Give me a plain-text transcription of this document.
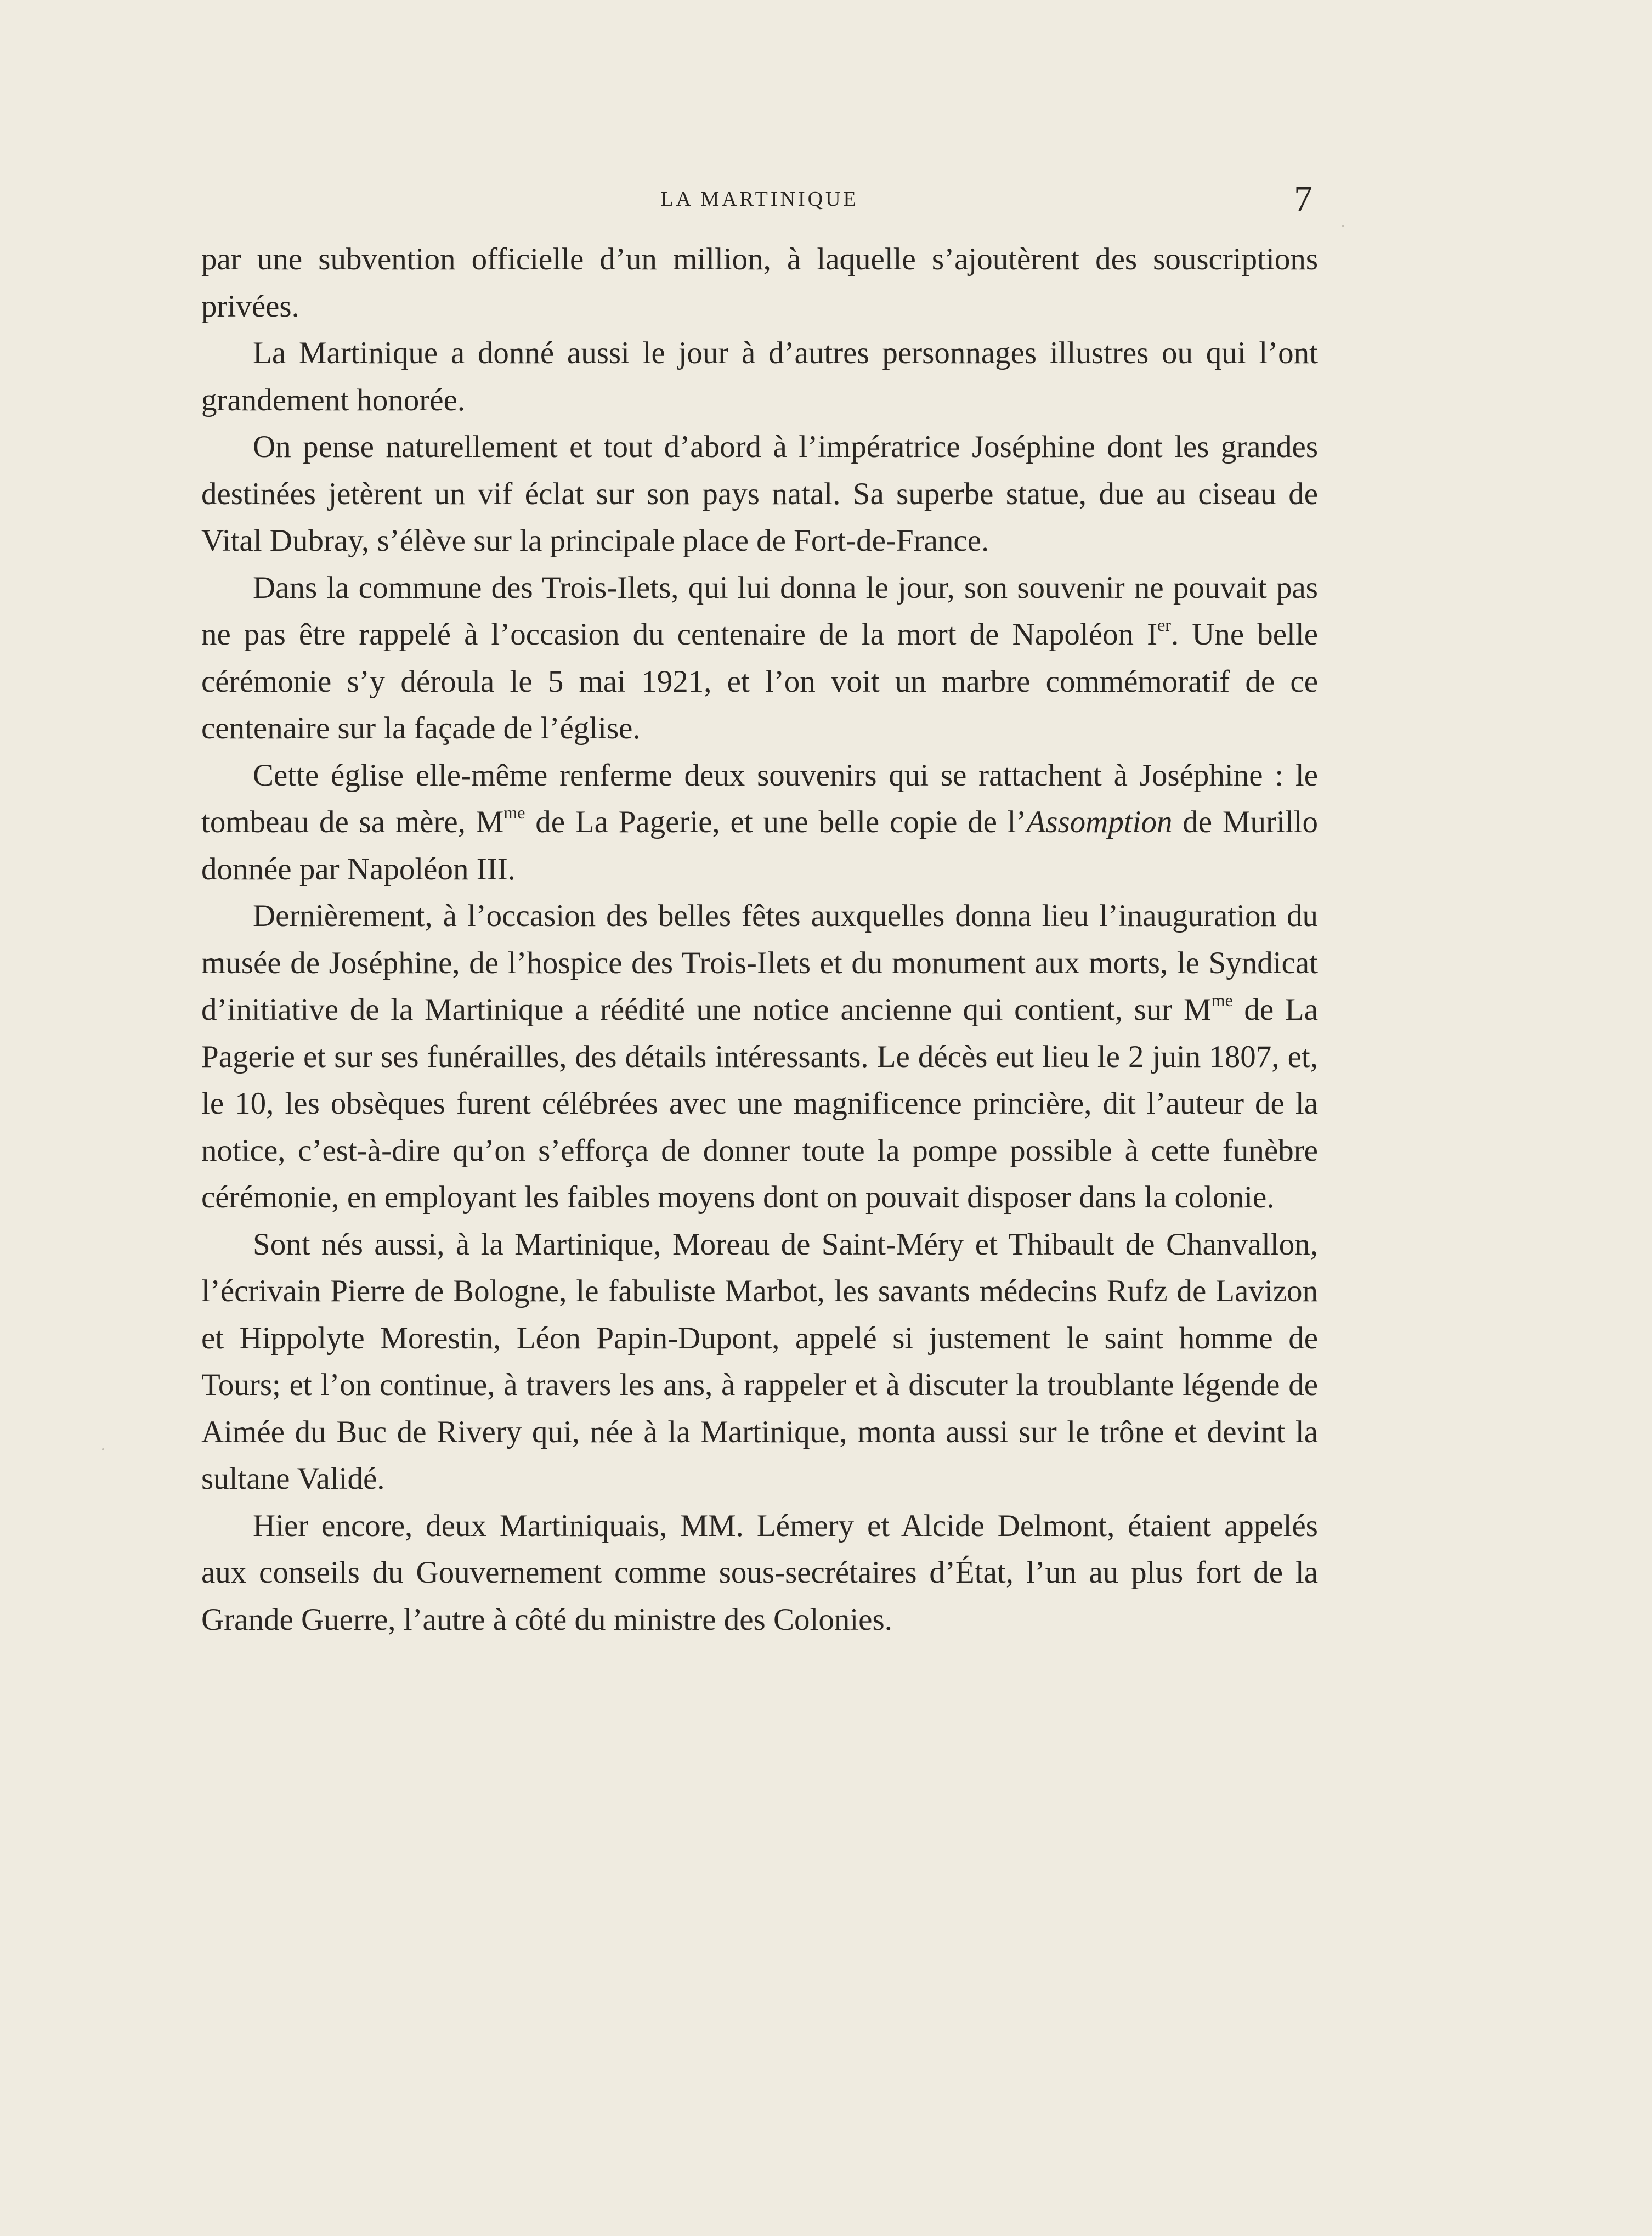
LA MARTINIQUE	7

par une subvention officielle d’un million, à laquelle s’ajoutèrent des souscriptions privées.

La Martinique a donné aussi le jour à d’autres personnages illustres ou qui l’ont grandement honorée.

On pense naturellement et tout d’abord à l’impératrice Joséphine dont les grandes destinées jetèrent un vif éclat sur son pays natal. Sa superbe statue, due au ciseau de Vital Dubray, s’élève sur la principale place de Fort-de-France.

Dans la commune des Trois-Ilets, qui lui donna le jour, son souvenir ne pouvait pas ne pas être rappelé à l’occasion du centenaire de la mort de Napoléon Ier. Une belle cérémonie s’y déroula le 5 mai 1921, et l’on voit un marbre commémoratif de ce centenaire sur la façade de l’église.

Cette église elle-même renferme deux souvenirs qui se rattachent à Joséphine : le tombeau de sa mère, $M^{me}$ de La Pagerie, et une belle copie de l’Assomption de Murillo donnée par Napoléon III.

Dernièrement, à l’occasion des belles fêtes auxquelles donna lieu l’inauguration du musée de Joséphine, de l’hospice des Trois-Ilets et du monument aux morts, le Syndicat d’initiative de la Martinique a réédité une notice ancienne qui contient, sur $M^{me}$ de La Pagerie et sur ses funérailles, des détails intéressants. Le décès eut lieu le 2 juin 1807, et, le 10, les obsèques furent célébrées avec une magnificence princière, dit l’auteur de la notice, c’est-à-dire qu’on s’efforça de donner toute la pompe possible à cette funèbre cérémonie, en employant les faibles moyens dont on pouvait disposer dans la colonie.

Sont nés aussi, à la Martinique, Moreau de Saint-Méry et Thibault de Chanvallon, l’écrivain Pierre de Bologne, le fabuliste Marbot, les savants médecins Rufz de Lavizon et Hippolyte Morestin, Léon Papin-Dupont, appelé si justement le saint homme de Tours; et l’on continue, à travers les ans, à rappeler et à discuter la troublante légende de Aimée du Buc de Rivery qui, née à la Martinique, monta aussi sur le trône et devint la sultane Validé.

Hier encore, deux Martiniquais, MM. Lémery et Alcide Delmont, étaient appelés aux conseils du Gouvernement comme sous-secrétaires d’État, l’un au plus fort de la Grande Guerre, l’autre à côté du ministre des Colonies.
